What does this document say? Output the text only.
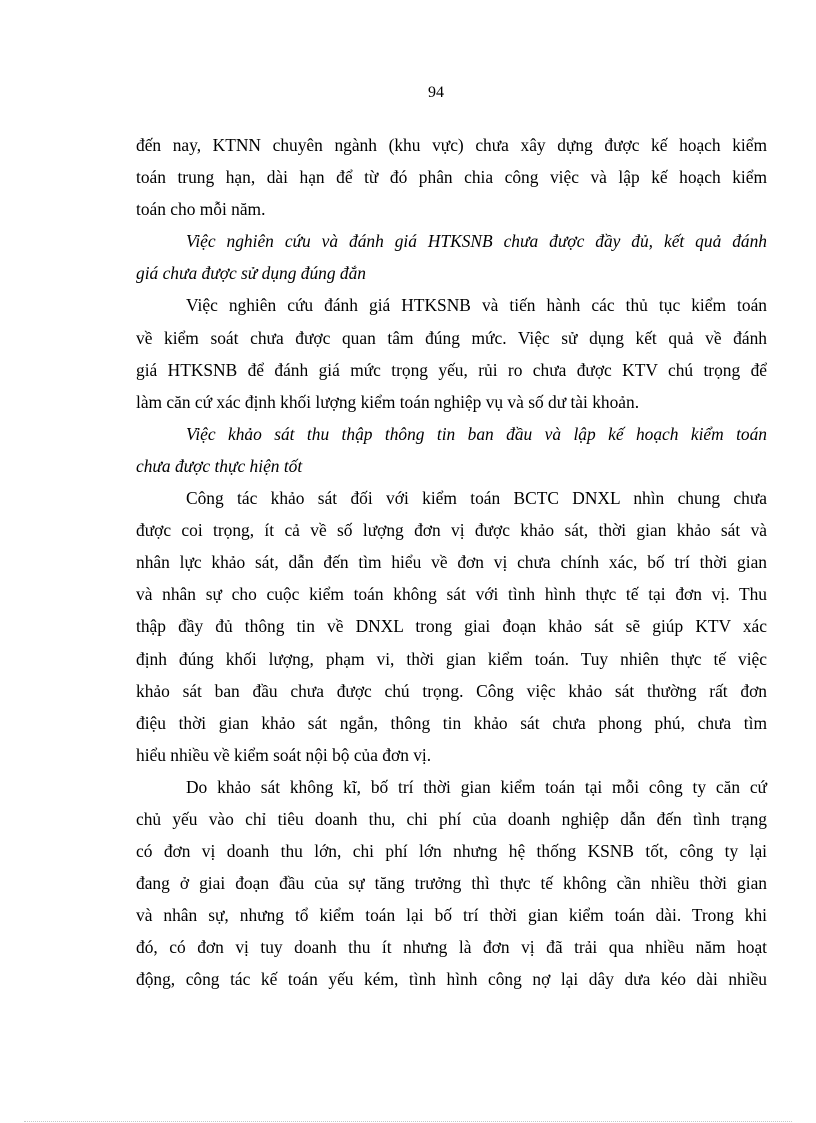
94

đến nay, KTNN chuyên ngành (khu vực) chưa xây dựng được kế hoạch kiểm
toán trung hạn, dài hạn để từ đó phân chia công việc và lập kế hoạch kiểm
toán cho mỗi năm.

Việc nghiên cứu và đánh giá HTKSNB chưa được đầy đủ, kết quả đánh
giá chưa được sử dụng đúng đắn

Việc nghiên cứu đánh giá HTKSNB và tiến hành các thủ tục kiểm toán
về kiểm soát chưa được quan tâm đúng mức. Việc sử dụng kết quả về đánh
giá HTKSNB để đánh giá mức trọng yếu, rủi ro chưa được KTV chú trọng để
làm căn cứ xác định khối lượng kiểm toán nghiệp vụ và số dư tài khoản.

Việc khảo sát thu thập thông tin ban đầu và lập kế hoạch kiểm toán
chưa được thực hiện tốt

Công tác khảo sát đối với kiểm toán BCTC DNXL nhìn chung chưa
được coi trọng, ít cả về số lượng đơn vị được khảo sát, thời gian khảo sát và
nhân lực khảo sát, dẫn đến tìm hiểu về đơn vị chưa chính xác, bố trí thời gian
và nhân sự cho cuộc kiểm toán không sát với tình hình thực tế tại đơn vị. Thu
thập đầy đủ thông tin về DNXL trong giai đoạn khảo sát sẽ giúp KTV xác
định đúng khối lượng, phạm vi, thời gian kiểm toán. Tuy nhiên thực tế việc
khảo sát ban đầu chưa được chú trọng. Công việc khảo sát thường rất đơn
điệu thời gian khảo sát ngắn, thông tin khảo sát chưa phong phú, chưa tìm
hiểu nhiều về kiểm soát nội bộ của đơn vị.

Do khảo sát không kĩ, bố trí thời gian kiểm toán tại mỗi công ty căn cứ
chủ yếu vào chỉ tiêu doanh thu, chi phí của doanh nghiệp dẫn đến tình trạng
có đơn vị doanh thu lớn, chi phí lớn nhưng hệ thống KSNB tốt, công ty lại
đang ở giai đoạn đầu của sự tăng trưởng thì thực tế không cần nhiều thời gian
và nhân sự, nhưng tổ kiểm toán lại bố trí thời gian kiểm toán dài. Trong khi
đó, có đơn vị tuy doanh thu ít nhưng là đơn vị đã trải qua nhiều năm hoạt
động, công tác kế toán yếu kém, tình hình công nợ lại dây dưa kéo dài nhiều
